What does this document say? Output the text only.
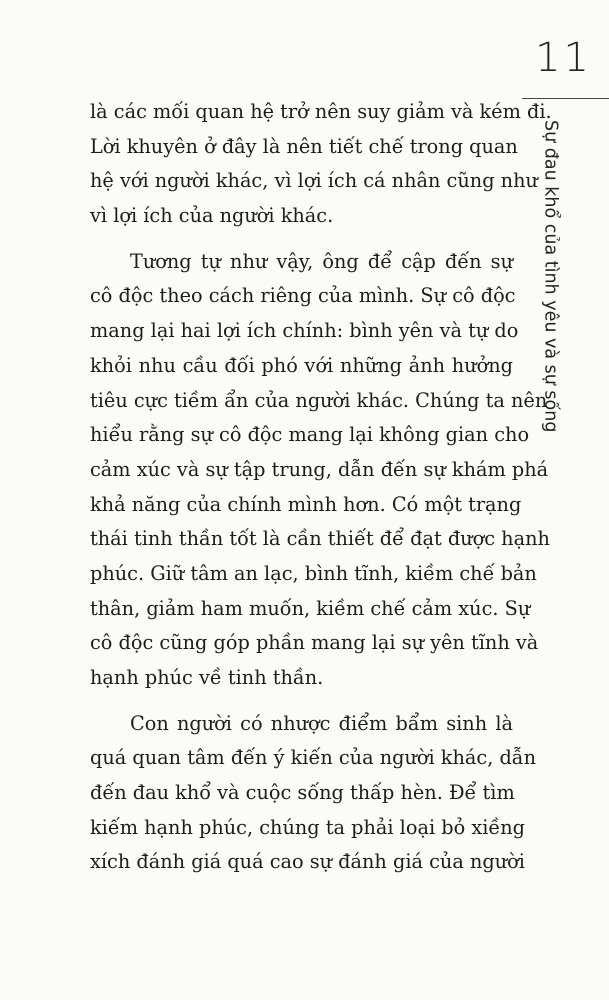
11
Sự đau khổ của tình yêu và sự sống
là các mối quan hệ trở nên suy giảm và kém đi.
Lời khuyên ở đây là nên tiết chế trong quan
hệ với người khác, vì lợi ích cá nhân cũng như
vì lợi ích của người khác.
Tương tự như vậy, ông để cập đến sự
cô độc theo cách riêng của mình. Sự cô độc
mang lại hai lợi ích chính: bình yên và tự do
khỏi nhu cầu đối phó với những ảnh hưởng
tiêu cực tiềm ẩn của người khác. Chúng ta nên
hiểu rằng sự cô độc mang lại không gian cho
cảm xúc và sự tập trung, dẫn đến sự khám phá
khả năng của chính mình hơn. Có một trạng
thái tinh thần tốt là cần thiết để đạt được hạnh
phúc. Giữ tâm an lạc, bình tĩnh, kiềm chế bản
thân, giảm ham muốn, kiềm chế cảm xúc. Sự
cô độc cũng góp phần mang lại sự yên tĩnh và
hạnh phúc về tinh thần.
Con người có nhược điểm bẩm sinh là
quá quan tâm đến ý kiến của người khác, dẫn
đến đau khổ và cuộc sống thấp hèn. Để tìm
kiếm hạnh phúc, chúng ta phải loại bỏ xiềng
xích đánh giá quá cao sự đánh giá của người
